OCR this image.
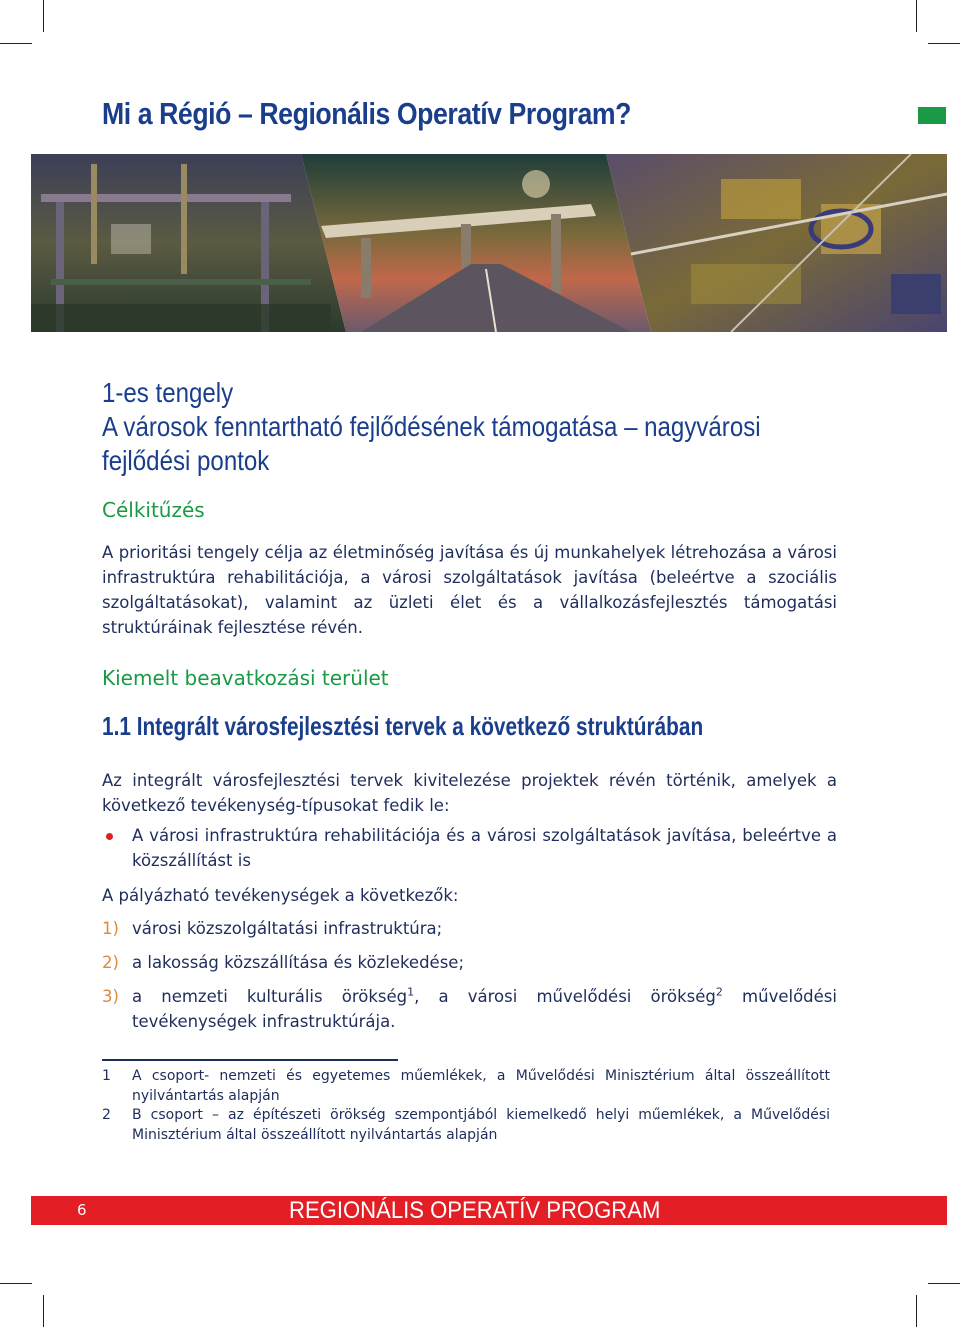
Mi a Régió – Regionális Operatív Program?
1-es tengely
A városok fenntartható fejlődésének támogatása – nagyvárosi
fejlődési pontok
Célkitűzés

A prioritási tengely célja az életminőség javítása és új munkahelyek létrehozása a városi infrastruktúra rehabilitációja, a városi szolgáltatások javítása (beleértve a szociális szolgáltatásokat), valamint az üzleti élet és a vállalkozásfejlesztés támogatási struktúráinak fejlesztése révén.

Kiemelt beavatkozási terület
1.1 Integrált városfejlesztési tervek a következő struktúrában

Az integrált városfejlesztési tervek kivitelezése projektek révén történik, amelyek a következő tevékenység-típusokat fedik le:

A városi infrastruktúra rehabilitációja és a városi szolgáltatások javítása, beleértve a közszállítást is

A pályázható tevékenységek a következők:

1) városi közszolgáltatási infrastruktúra;
2) a lakosság közszállítása és közlekedése;
3) a nemzeti kulturális örökség$^1$, a városi művelődési örökség$^2$ művelődési tevékenységek infrastruktúrája.
1 A csoport- nemzeti és egyetemes műemlékek, a Művelődési Minisztérium által összeállított nyilvántartás alapján
2 B csoport – az építészeti örökség szempontjából kiemelkedő helyi műemlékek, a Művelődési Minisztérium által összeállított nyilvántartás alapján
6	REGIONÁLIS OPERATÍV PROGRAM
